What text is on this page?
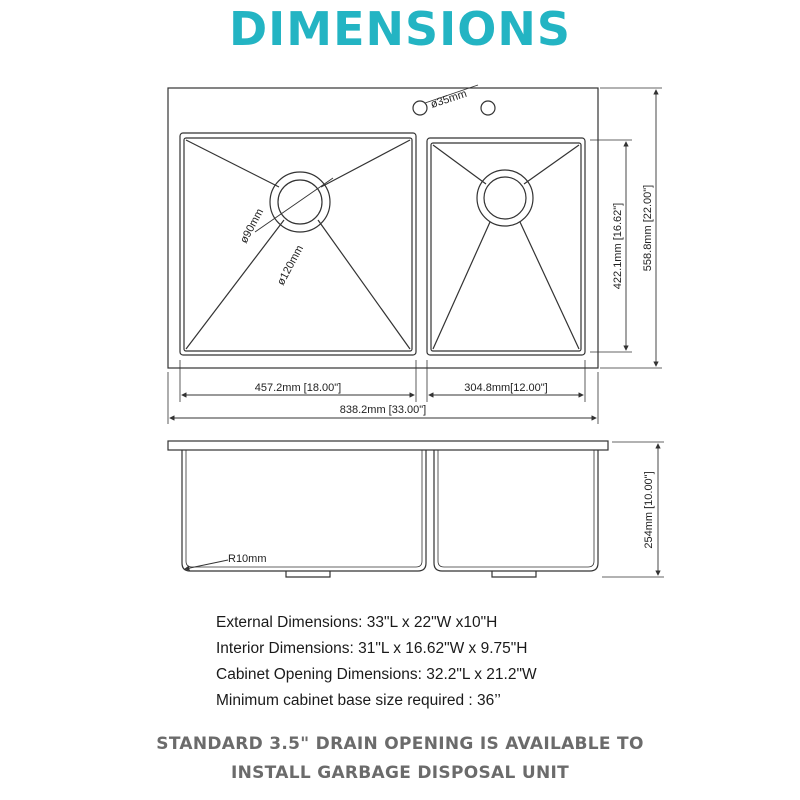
DIMENSIONS
ø35mm
ø90mm
ø120mm
457.2mm [18.00"]	304.8mm[12.00"]
838.2mm [33.00"]
422.1mm [16.62"] 558.8mm [22.00"]
R10mm
254mm [10.00"]
External Dimensions: 33"L x 22"W x10"H
Interior Dimensions: 31"L x 16.62"W x 9.75"H
Cabinet Opening Dimensions: 32.2"L x 21.2"W
Minimum cabinet base size required : 36’’
STANDARD 3.5" DRAIN OPENING IS AVAILABLE TO
INSTALL GARBAGE DISPOSAL UNIT
